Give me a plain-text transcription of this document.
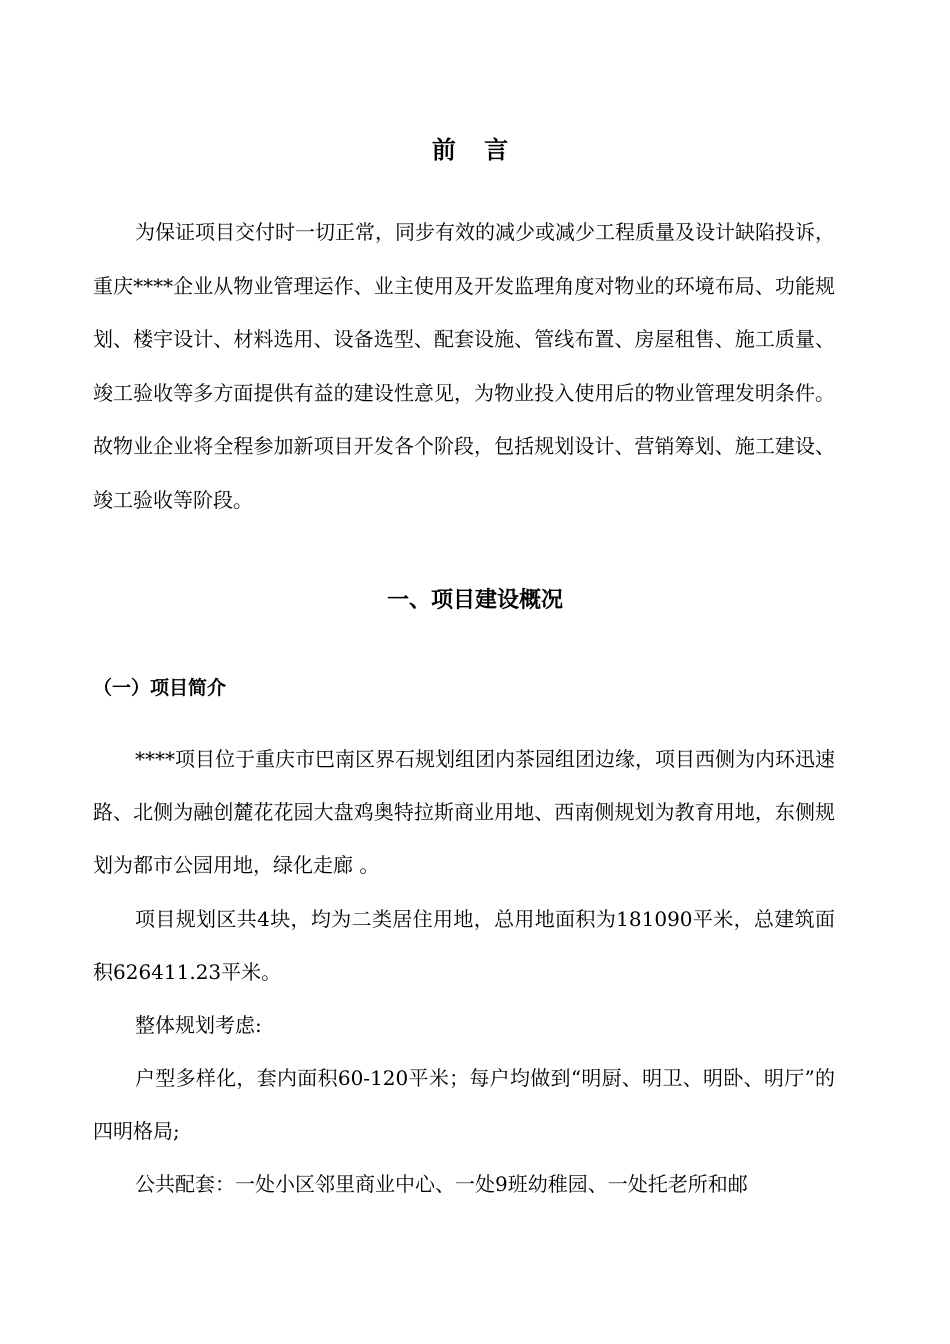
前 言

为保证项目交付时一切正常，同步有效的减少或减少工程质量及设计缺陷投诉，重庆****企业从物业管理运作、业主使用及开发监理角度对物业的环境布局、功能规划、楼宇设计、材料选用、设备选型、配套设施、管线布置、房屋租售、施工质量、竣工验收等多方面提供有益的建设性意见，为物业投入使用后的物业管理发明条件。故物业企业将全程参加新项目开发各个阶段，包括规划设计、营销筹划、施工建设、竣工验收等阶段。

一、项目建设概况
（一）项目简介

****项目位于重庆市巴南区界石规划组团内茶园组团边缘，项目西侧为内环迅速路、北侧为融创麓花花园大盘鸡奥特拉斯商业用地、西南侧规划为教育用地，东侧规划为都市公园用地，绿化走廊 。

项目规划区共4块，均为二类居住用地，总用地面积为181090平米，总建筑面积626411.23平米。

整体规划考虑:

户型多样化，套内面积60-120平米；每户均做到“明厨、明卫、明卧、明厅”的四明格局;

公共配套：一处小区邻里商业中心、一处9班幼稚园、一处托老所和邮
